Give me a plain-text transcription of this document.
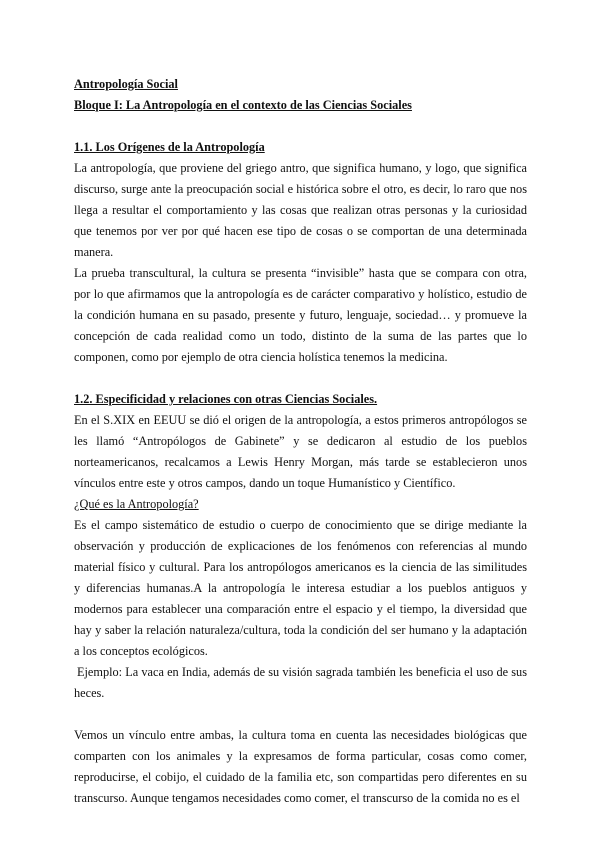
Antropología Social
Bloque I: La Antropología en el contexto de las Ciencias Sociales
1.1. Los Orígenes de la Antropología

La antropología, que proviene del griego antro, que significa humano, y logo, que significa discurso, surge ante la preocupación social e histórica sobre el otro, es decir, lo raro que nos llega a resultar el comportamiento y las cosas que realizan otras personas y la curiosidad que tenemos por ver por qué hacen ese tipo de cosas o se comportan de una determinada manera.

La prueba transcultural, la cultura se presenta “invisible” hasta que se compara con otra, por lo que afirmamos que la antropología es de carácter comparativo y holístico, estudio de la condición humana en su pasado, presente y futuro, lenguaje, sociedad… y promueve la concepción de cada realidad como un todo, distinto de la suma de las partes que lo componen, como por ejemplo de otra ciencia holística tenemos la medicina.

1.2. Especificidad y relaciones con otras Ciencias Sociales.

En el S.XIX en EEUU se dió el origen de la antropología, a estos primeros antropólogos se les llamó “Antropólogos de Gabinete” y se dedicaron al estudio de los pueblos norteamericanos, recalcamos a Lewis Henry Morgan, más tarde se establecieron unos vínculos entre este y otros campos, dando un toque Humanístico y Científico.

¿Qué es la Antropología?

Es el campo sistemático de estudio o cuerpo de conocimiento que se dirige mediante la observación y producción de explicaciones de los fenómenos con referencias al mundo material físico y cultural. Para los antropólogos americanos es la ciencia de las similitudes y diferencias humanas.A la antropología le interesa estudiar a los pueblos antiguos y modernos para establecer una comparación entre el espacio y el tiempo, la diversidad que hay y saber la relación naturaleza/cultura, toda la condición del ser humano y la adaptación a los conceptos ecológicos.

Ejemplo: La vaca en India, además de su visión sagrada también les beneficia el uso de sus heces.

Vemos un vínculo entre ambas, la cultura toma en cuenta las necesidades biológicas que comparten con los animales y la expresamos de forma particular, cosas como comer, reproducirse, el cobijo, el cuidado de la familia etc, son compartidas pero diferentes en su transcurso. Aunque tengamos necesidades como comer, el transcurso de la comida no es el
